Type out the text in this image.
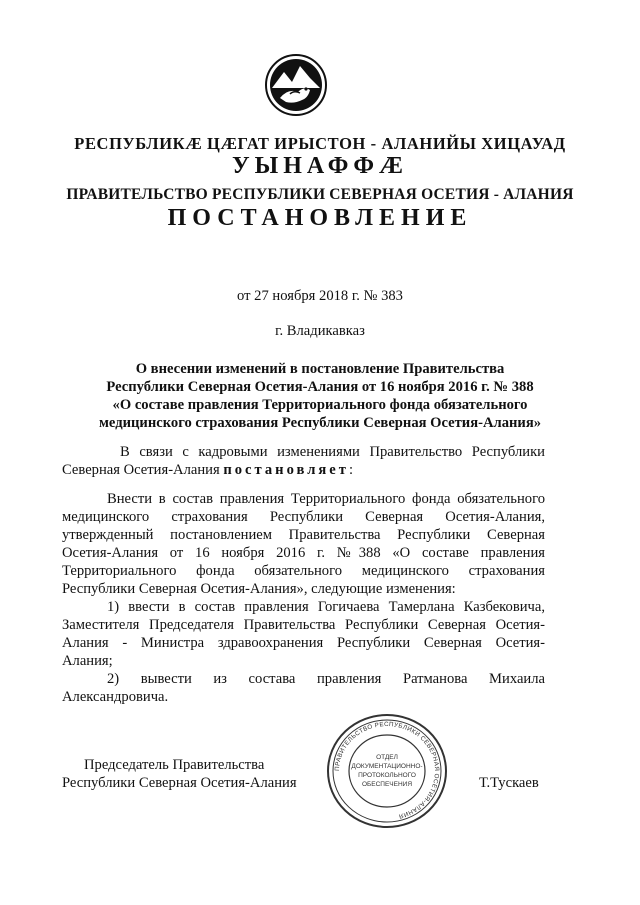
РЕСПУБЛИКӔ ЦӔГАТ ИРЫСТОН - АЛАНИЙЫ ХИЦАУАД
УЫНАФФӔ
ПРАВИТЕЛЬСТВО РЕСПУБЛИКИ СЕВЕРНАЯ ОСЕТИЯ - АЛАНИЯ
ПОСТАНОВЛЕНИЕ
от 27 ноября 2018 г. № 383
г. Владикавказ
О внесении изменений в постановление Правительства
Республики Северная Осетия-Алания от 16 ноября 2016 г. № 388
«О составе правления Территориального фонда обязательного
медицинского страхования Республики Северная Осетия-Алания»
В связи с кадровыми изменениями Правительство Республики
Северная Осетия-Алания постановляет:
Внести в состав правления Территориального фонда обязательного
медицинского страхования Республики Северная Осетия-Алания,
утвержденный постановлением Правительства Республики Северная
Осетия-Алания от 16 ноября 2016 г. №388 «О составе правления
Территориального фонда обязательного медицинского страхования
Республики Северная Осетия-Алания», следующие изменения:
1) ввести в состав правления Гогичаева Тамерлана Казбековича,
Заместителя Председателя Правительства Республики Северная Осетия-
Алания - Министра здравоохранения Республики Северная Осетия-
Алания;
2) вывести из состава правления Ратманова Михаила
Александровича.
Председатель Правительства
Республики Северная Осетия-Алания	Т.Тускаев
ПРАВИТЕЛЬСТВО РЕСПУБЛИКИ СЕВЕРНАЯ ОСЕТИЯ-АЛАНИЯ
ОТДЕЛ
ДОКУМЕНТАЦИОННО-
ПРОТОКОЛЬНОГО
ОБЕСПЕЧЕНИЯ
